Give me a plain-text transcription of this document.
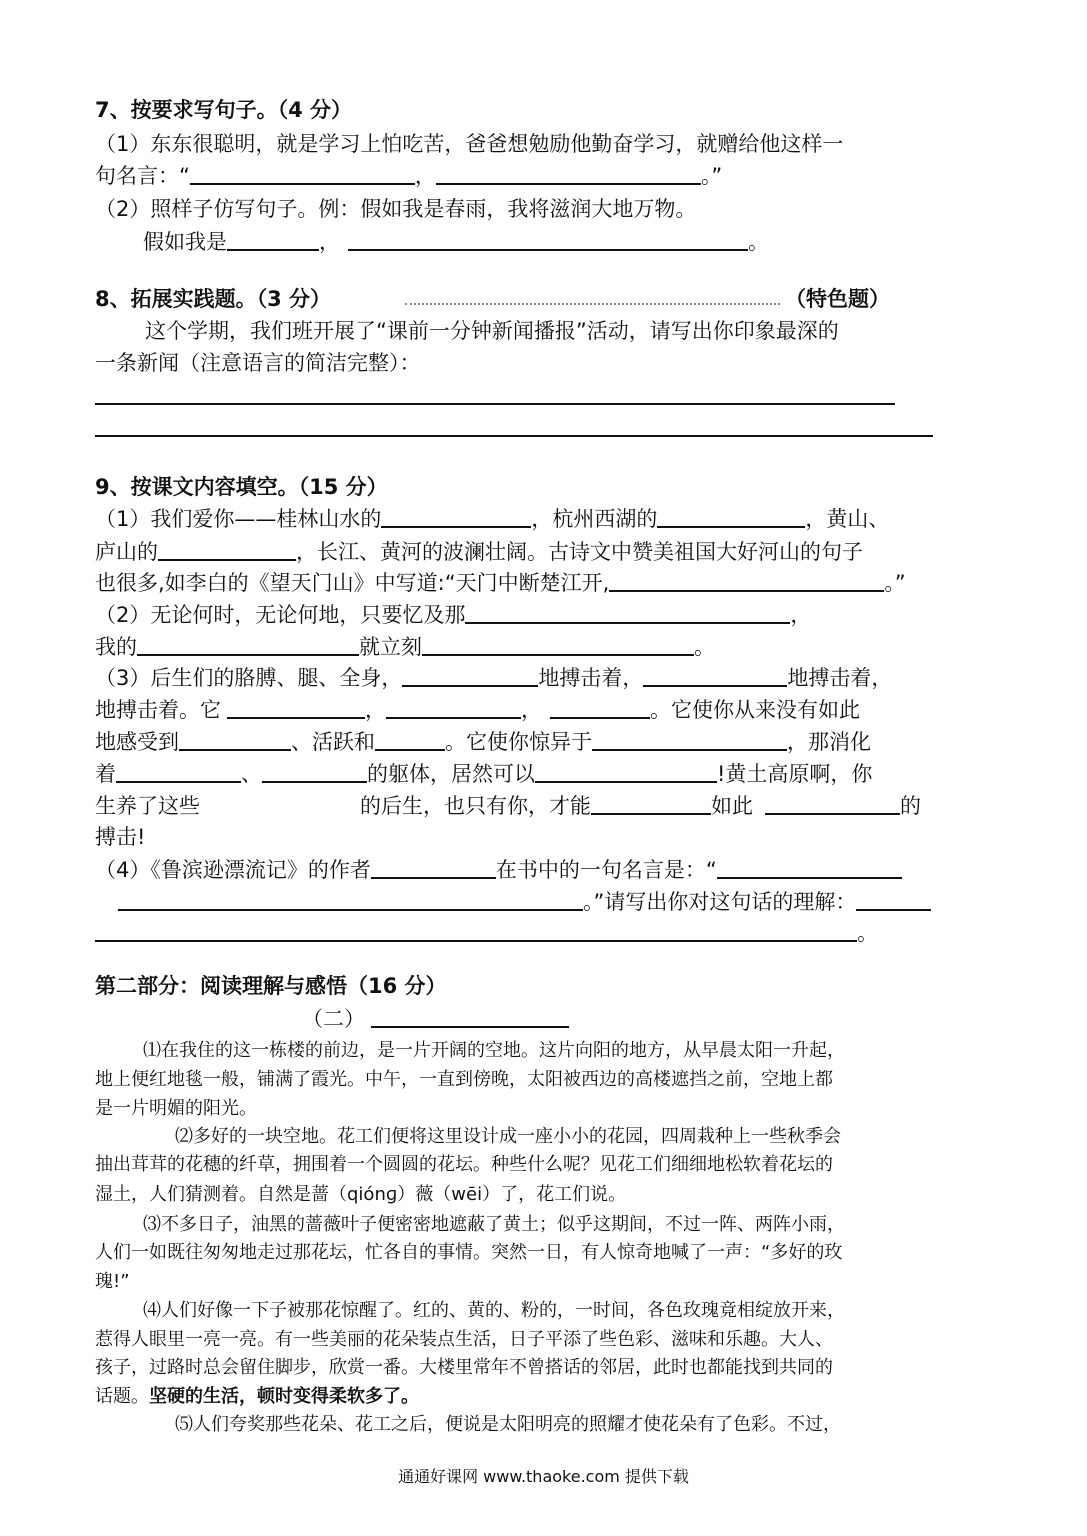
7、按要求写句子。（4 分）
（1）东东很聪明，就是学习上怕吃苦，爸爸想勉励他勤奋学习，就赠给他这样一
句名言：“	，	。”
（2）照样子仿写句子。例：假如我是春雨，我将滋润大地万物。
假如我是	，	。
8、拓展实践题。（3 分）	（特色题）
这个学期，我们班开展了“课前一分钟新闻播报”活动，请写出你印象最深的
一条新闻（注意语言的简洁完整）：
9、按课文内容填空。（15 分）
（1）我们爱你——桂林山水的	，杭州西湖的	，黄山、
庐山的	，长江、黄河的波澜壮阔。古诗文中赞美祖国大好河山的句子
也很多,如李白的《望天门山》中写道:“天门中断楚江开,	。”
（2）无论何时，无论何地，只要忆及那	，
我的	就立刻	。
（3）后生们的胳膊、腿、全身，	地搏击着，	地搏击着，
地搏击着。它	，	，	。它使你从来没有如此
地感受到	、活跃和	。它使你惊异于	，那消化
着	、	的躯体，居然可以	!黄土高原啊，你
生养了这些	的后生，也只有你，才能	如此	的
搏击!
（4）《鲁滨逊漂流记》的作者	在书中的一句名言是：“
。”请写出你对这句话的理解：
。
第二部分：阅读理解与感悟（16 分）
（二）
⑴在我住的这一栋楼的前边，是一片开阔的空地。这片向阳的地方，从早晨太阳一升起，
地上便红地毯一般，铺满了霞光。中午，一直到傍晚，太阳被西边的高楼遮挡之前，空地上都
是一片明媚的阳光。
⑵多好的一块空地。花工们便将这里设计成一座小小的花园，四周栽种上一些秋季会
抽出茸茸的花穗的纤草，拥围着一个圆圆的花坛。种些什么呢？见花工们细细地松软着花坛的
湿土，人们猜测着。自然是蔷（qiónɡ）薇（wēi）了，花工们说。
⑶不多日子，油黑的蔷薇叶子便密密地遮蔽了黄土；似乎这期间，不过一阵、两阵小雨，
人们一如既往匆匆地走过那花坛，忙各自的事情。突然一日，有人惊奇地喊了一声：“多好的玫
瑰!”
⑷人们好像一下子被那花惊醒了。红的、黄的、粉的，一时间，各色玫瑰竟相绽放开来，
惹得人眼里一亮一亮。有一些美丽的花朵装点生活，日子平添了些色彩、滋味和乐趣。大人、
孩子，过路时总会留住脚步，欣赏一番。大楼里常年不曾搭话的邻居，此时也都能找到共同的
话题。坚硬的生活，顿时变得柔软多了。
⑸人们夸奖那些花朵、花工之后，便说是太阳明亮的照耀才使花朵有了色彩。不过，
通通好课网 www.thaoke.com 提供下载
